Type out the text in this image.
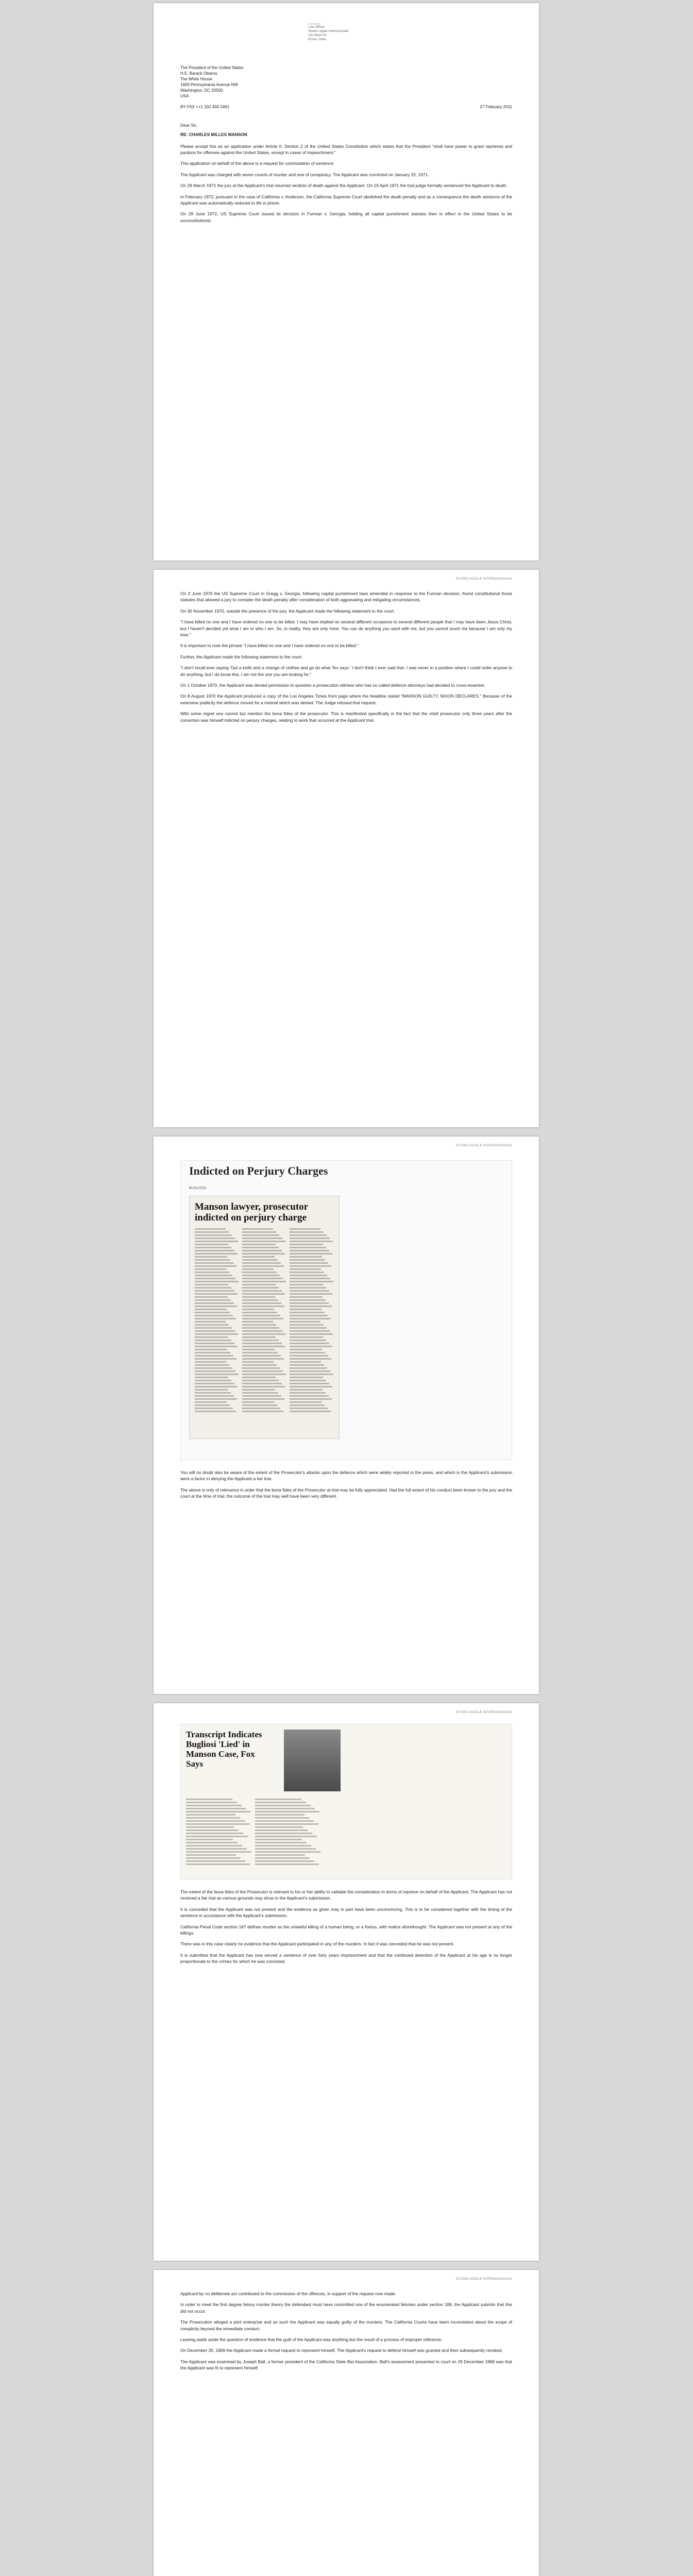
Law Offices
Studio Legale Internazionale
Via Uberti 45
Roma / Italia
The President of the United States
H.E. Barack Obama
The White House
1600 Pennsylvania Avenue NW
Washington, DC 20500
USA
BY FAX ++1 202 456 2461	27 February 2011
Dear Sir,
RE: CHARLES MILLES MANSON

Please accept this as an application under Article II, Section 2 of the United States Constitution which states that the President "shall have power to grant reprieves and pardons for offenses against the United States, except in cases of impeachment."

This application on behalf of the above is a request for commutation of sentence.

The Applicant was charged with seven counts of murder and one of conspiracy. The Applicant was convicted on January 25, 1971.

On 29 March 1971 the jury at the Applicant's trial returned verdicts of death against the Applicant. On 19 April 1971 the trial judge formally sentenced the Applicant to death.

In February 1972, pursuant to the case of California v. Anderson, the California Supreme Court abolished the death penalty and as a consequence the death sentence of the Applicant was automatically reduced to life in prison.

On 29 June 1972, US Supreme Court issued its decision in Furman v. Georgia, holding all capital punishment statutes then in effect in the United States to be unconstitutional.

STUDIO LEGALE INTERNAZIONALE

On 2 June 1976 the US Supreme Court in Gregg v. Georgia, following capital punishment laws amended in response to the Furman decision, found constitutional those statutes that allowed a jury to consider the death penalty after consideration of both aggravating and mitigating circumstances.

On 30 November 1970, outside the presence of the jury, the Applicant made the following statement to the court:

"I have killed no one and I have ordered no one to be killed. I may have implied on several different occasions to several different people that I may have been Jesus Christ, but I haven't decided yet what I am or who I am. So, in reality, they are only mine. You can do anything you want with me, but you cannot touch me because I am only my love."

It is important to note the phrase "I have killed no one and I have ordered no one to be killed."

Further, the Applicant made the following statement to the court:

"I don't recall ever saying 'Get a knife and a change of clothes and go do what Tex says.' I don't think I ever said that. I was never in a position where I could order anyone to do anything, but I do know this, I am not the one you are looking for."

On 1 October 1970, the Applicant was denied permission to question a prosecution witness who has so called defence attorneys had decided to cross-examine.

On 8 August 1970 the Applicant produced a copy of the Los Angeles Times front page where the headline stated "MANSON GUILTY, NIXON DECLARES." Because of the extensive publicity the defence moved for a mistrial which was denied. The Judge refused that request.

With some regret one cannot but mention the bona fides of the prosecutor. This is manifested specifically in the fact that the chief prosecutor only three years after the conviction was himself indicted on perjury charges, relating to work that occurred at the Applicant trial.

STUDIO LEGALE INTERNAZIONALE
Indicted on Perjury Charges
BUGLIOSI
Manson lawyer, prosecutor indicted on perjury charge

You will no doubt also be aware of the extent of the Prosecutor's attacks upon the defence which were widely reported in the press, and which in the Applicant's submission were a factor in denying the Applicant a fair trial.

The above is only of relevance in order that the bona fides of the Prosecutor at trial may be fully appreciated. Had the full extent of his conduct been known to the jury and the court at the time of trial, the outcome of the trial may well have been very different.

STUDIO LEGALE INTERNAZIONALE
Transcript Indicates Bugliosi 'Lied' in Manson Case, Fox Says

The extent of the bona fides of the Prosecutor is relevant to his or her ability to validate the consideration in terms of reprieve on behalf of the Applicant. The Applicant has not received a fair trial as various grounds may show in the Applicant's submission.

It is conceded that the Applicant was not present and the evidence as given may in part have been unconvincing. This is to be considered together with the timing of the sentence in accordance with the Applicant's submission.

California Penal Code section 187 defines murder as the unlawful killing of a human being, or a foetus, with malice aforethought. The Applicant was not present at any of the killings.

There was in this case clearly no evidence that the Applicant participated in any of the murders. In fact it was conceded that he was not present.

It is submitted that the Applicant has now served a sentence of over forty years imprisonment and that the continued detention of the Applicant at his age is no longer proportionate to the crimes for which he was convicted.

STUDIO LEGALE INTERNAZIONALE

Applicant by no deliberate act contributed to the commission of the offences, in support of the request now made.

In order to meet the first degree felony murder theory the defendant must have committed one of the enumerated felonies under section 189, the Applicant submits that this did not occur.

The Prosecution alleged a joint enterprise and as such the Applicant was equally guilty of the murders. The California Courts have been inconsistent about the scope of complicity beyond the immediate conduct.

Leaving aside aside the question of evidence that the guilt of the Applicant was anything but the result of a process of improper inference.

On December 30, 1969 the Applicant made a formal request to represent himself. The Applicant's request to defend himself was granted and then subsequently revoked.

The Applicant was examined by Joseph Ball, a former president of the California State Bar Association. Ball's assessment presented to court on 29 December 1969 was that the Applicant was fit to represent himself.
